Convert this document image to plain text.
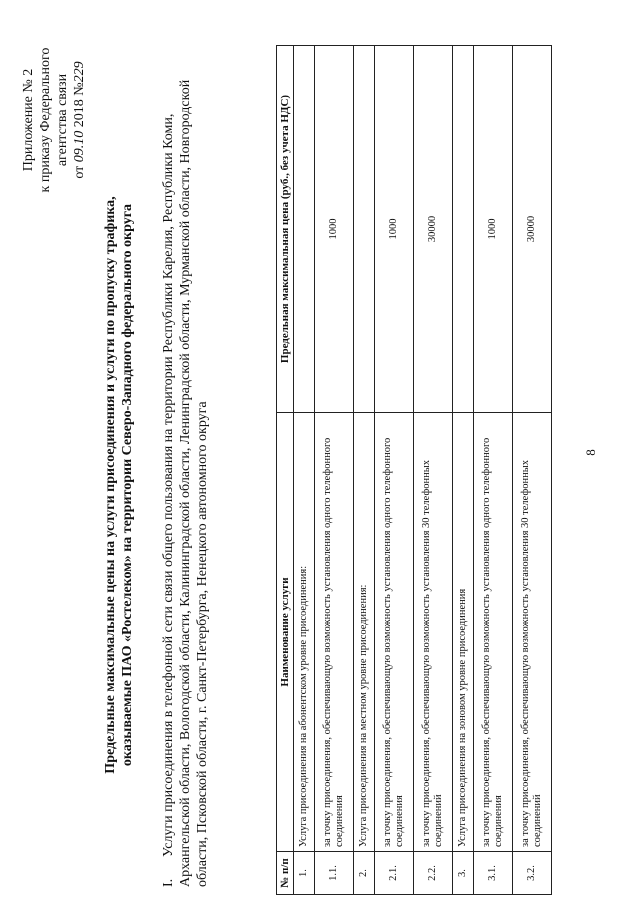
8
Приложение № 2 к приказу Федерального агентства связи
от 09.10 2018 №229
Предельные максимальные цены на услуги присоединения и услуги по пропуску трафика, оказываемые ПАО «Ростелеком» на территории Северо-Западного федерального округа
I.Услуги присоединения в телефонной сети связи общего пользования на территории Республики Карелия, Республики Коми, Архангельской области, Вологодской области, Калининградской области, Ленинградской области, Мурманской области, Новгородской области, Псковской области, г. Санкт-Петербурга, Ненецкого автономного округа	№ п/п	Наименование услуги	Предельная максимальная цена (руб., без учета НДС)
1.	Услуга присоединения на абонентском уровне присоединения:	
1.1.	за точку присоединения, обеспечивающую возможность установления одного телефонного соединения	1000
2.	Услуга присоединения на местном уровне присоединения:	
2.1.	за точку присоединения, обеспечивающую возможность установления одного телефонного соединения	1000
2.2.	за точку присоединения, обеспечивающую возможность установления 30 телефонных соединений	30000
3.	Услуга присоединения на зоновом уровне присоединения	
3.1.	за точку присоединения, обеспечивающую возможность установления одного телефонного соединения	1000
3.2.	за точку присоединения, обеспечивающую возможность установления 30 телефонных соединений	30000
